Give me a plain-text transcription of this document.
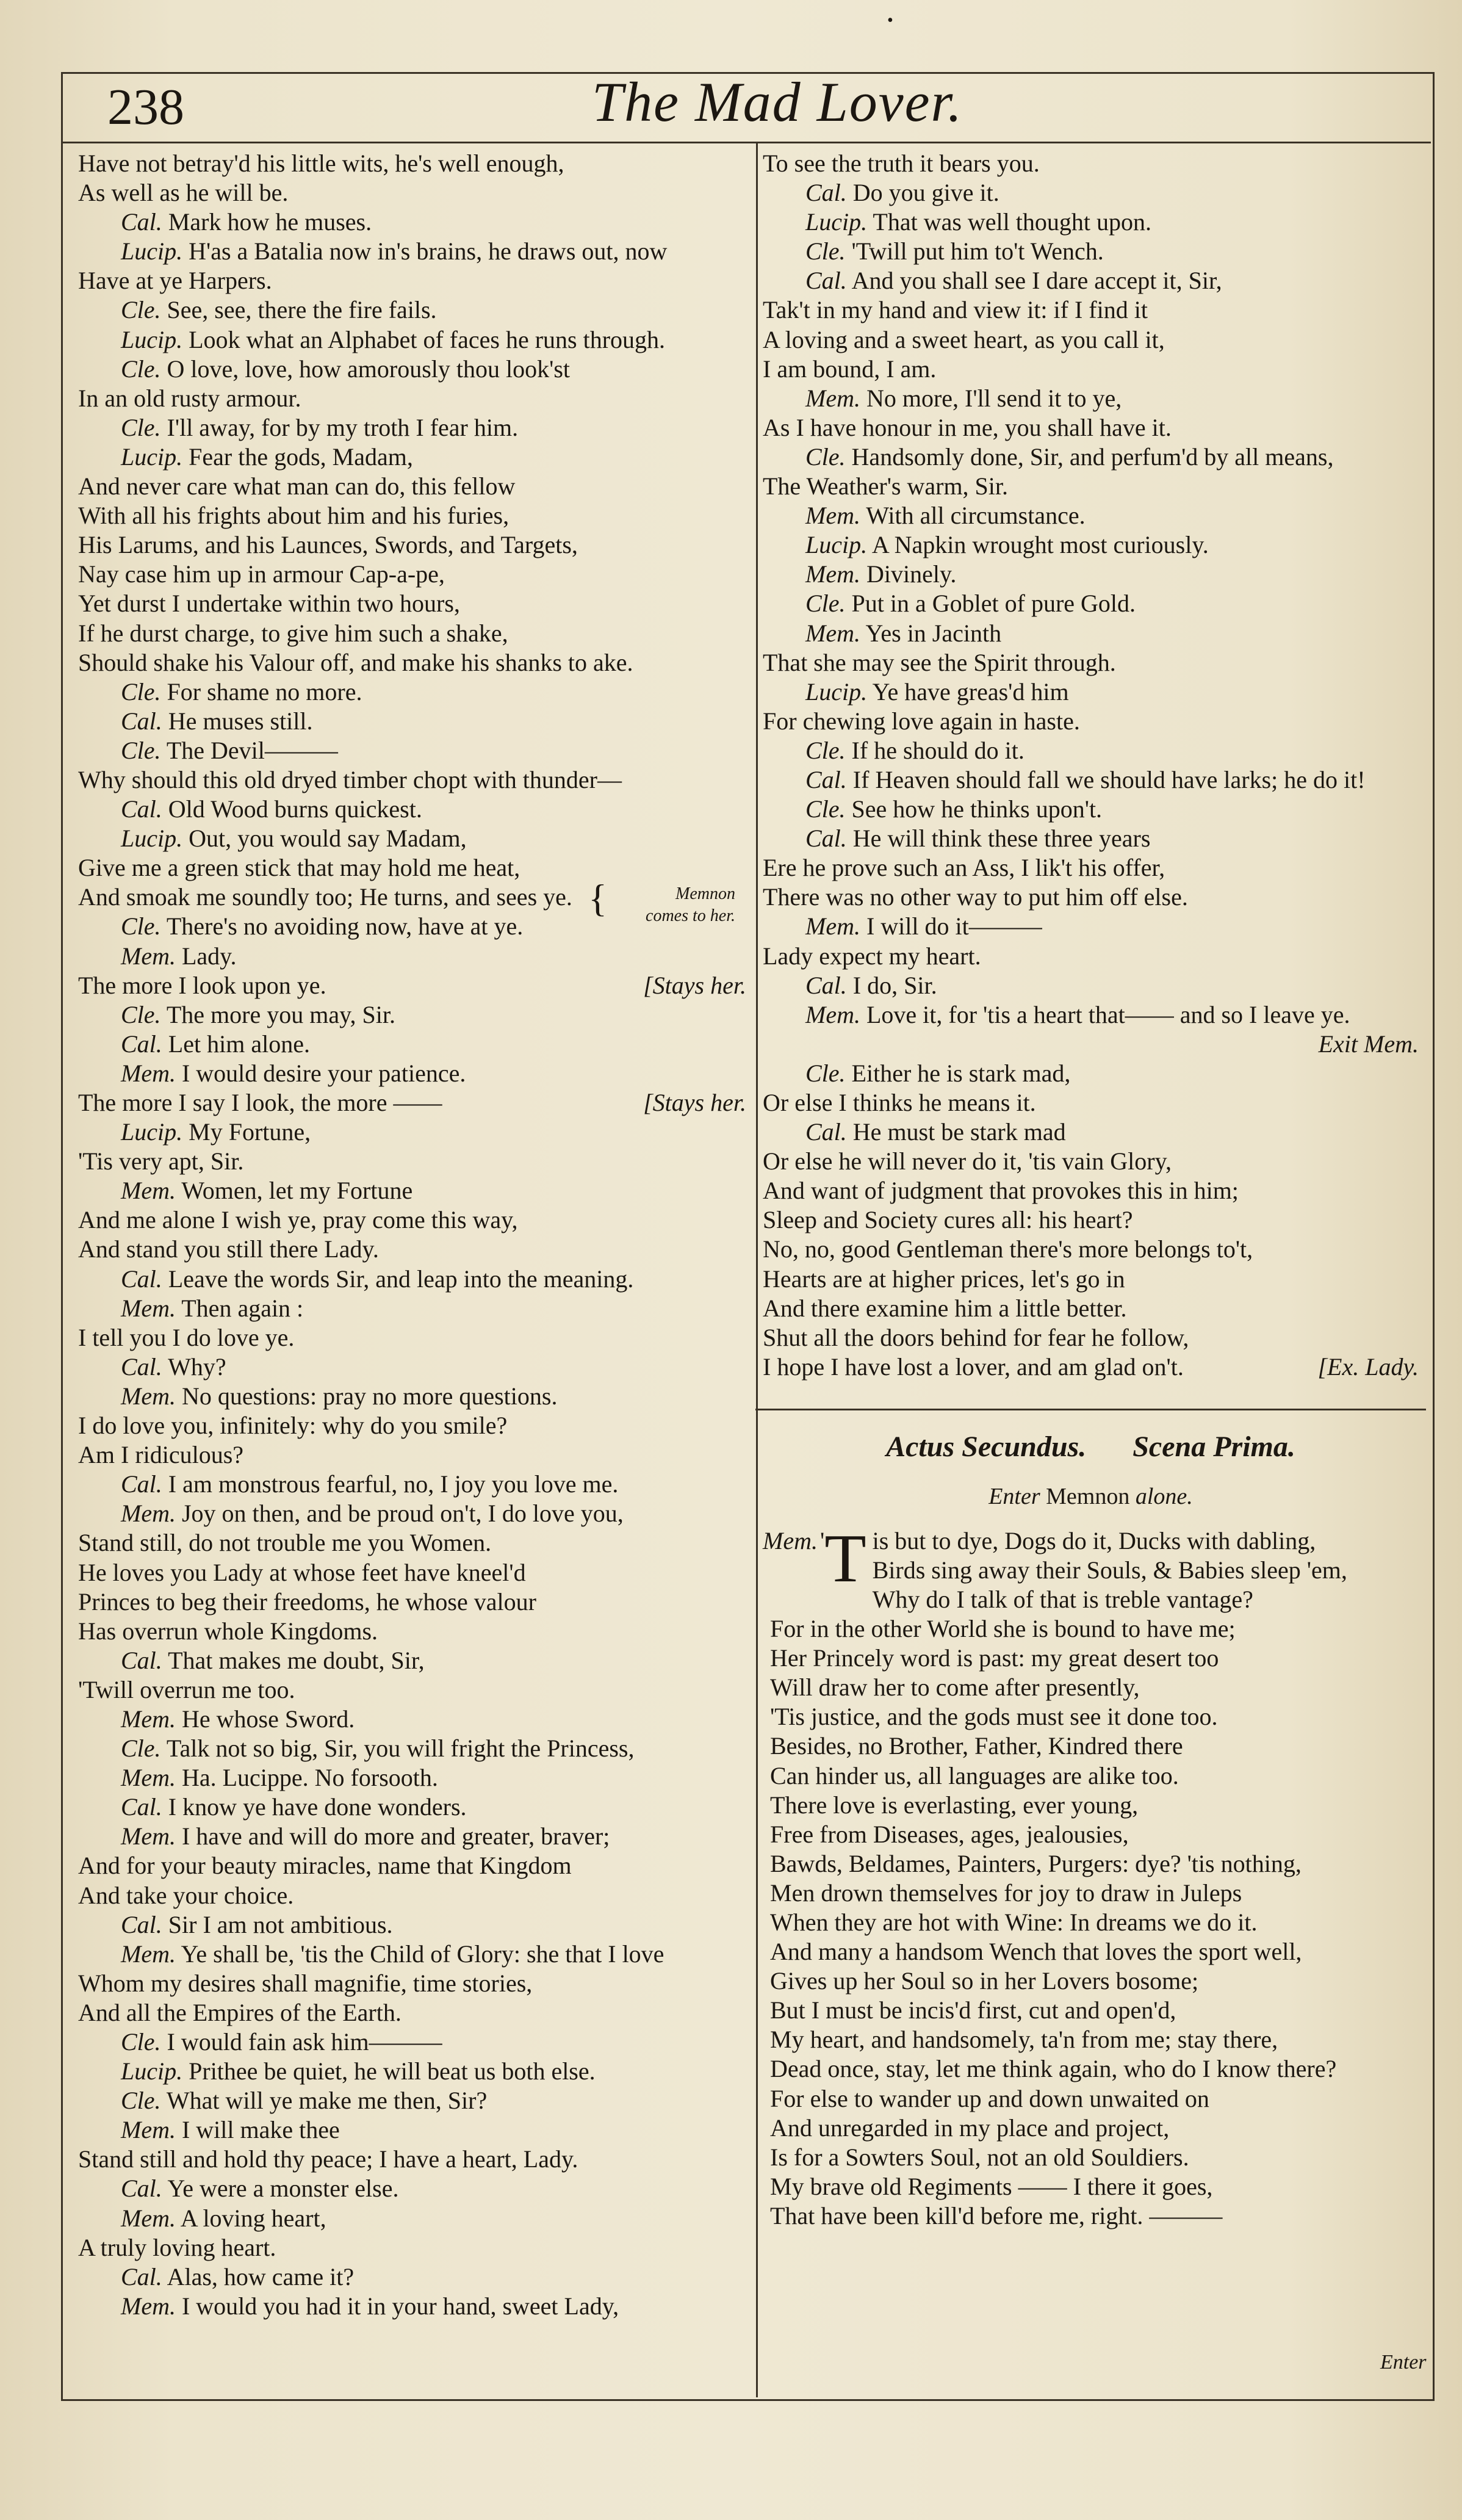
•
238	The Mad Lover.
Have not betray'd his little wits, he's well enough,
As well as he will be.
Cal. Mark how he muses.
Lucip. H'as a Batalia now in's brains, he draws out, now
Have at ye Harpers.
Cle. See, see, there the fire fails.
Lucip. Look what an Alphabet of faces he runs through.
Cle. O love, love, how amorously thou look'st
In an old rusty armour.
Cle. I'll away, for by my troth I fear him.
Lucip. Fear the gods, Madam,
And never care what man can do, this fellow
With all his frights about him and his furies,
His Larums, and his Launces, Swords, and Targets,
Nay case him up in armour Cap-a-pe,
Yet durst I undertake within two hours,
If he durst charge, to give him such a shake,
Should shake his Valour off, and make his shanks to ake.
Cle. For shame no more.
Cal. He muses still.
Cle. The Devil———
Why should this old dryed timber chopt with thunder—
Cal. Old Wood burns quickest.
Lucip. Out, you would say Madam,
Give me a green stick that may hold me heat,
And smoak me soundly too; He turns, and sees ye. {	Memnon
comes to her.
Cle. There's no avoiding now, have at ye.
Mem. Lady.
The more I look upon ye.	[Stays her.
Cle. The more you may, Sir.
Cal. Let him alone.
Mem. I would desire your patience.
The more I say I look, the more ——	[Stays her.
Lucip. My Fortune,
'Tis very apt, Sir.
Mem. Women, let my Fortune
And me alone I wish ye, pray come this way,
And stand you still there Lady.
Cal. Leave the words Sir, and leap into the meaning.
Mem. Then again :
I tell you I do love ye.
Cal. Why?
Mem. No questions: pray no more questions.
I do love you, infinitely: why do you smile?
Am I ridiculous?
Cal. I am monstrous fearful, no, I joy you love me.
Mem. Joy on then, and be proud on't, I do love you,
Stand still, do not trouble me you Women.
He loves you Lady at whose feet have kneel'd
Princes to beg their freedoms, he whose valour
Has overrun whole Kingdoms.
Cal. That makes me doubt, Sir,
'Twill overrun me too.
Mem. He whose Sword.
Cle. Talk not so big, Sir, you will fright the Princess,
Mem. Ha. Lucippe. No forsooth.
Cal. I know ye have done wonders.
Mem. I have and will do more and greater, braver;
And for your beauty miracles, name that Kingdom
And take your choice.
Cal. Sir I am not ambitious.
Mem. Ye shall be, 'tis the Child of Glory: she that I love
Whom my desires shall magnifie, time stories,
And all the Empires of the Earth.
Cle. I would fain ask him———
Lucip. Prithee be quiet, he will beat us both else.
Cle. What will ye make me then, Sir?
Mem. I will make thee
Stand still and hold thy peace; I have a heart, Lady.
Cal. Ye were a monster else.
Mem. A loving heart,
A truly loving heart.
Cal. Alas, how came it?
Mem. I would you had it in your hand, sweet Lady,
To see the truth it bears you.
Cal. Do you give it.
Lucip. That was well thought upon.
Cle. 'Twill put him to't Wench.
Cal. And you shall see I dare accept it, Sir,
Tak't in my hand and view it: if I find it
A loving and a sweet heart, as you call it,
I am bound, I am.
Mem. No more, I'll send it to ye,
As I have honour in me, you shall have it.
Cle. Handsomly done, Sir, and perfum'd by all means,
The Weather's warm, Sir.
Mem. With all circumstance.
Lucip. A Napkin wrought most curiously.
Mem. Divinely.
Cle. Put in a Goblet of pure Gold.
Mem. Yes in Jacinth
That she may see the Spirit through.
Lucip. Ye have greas'd him
For chewing love again in haste.
Cle. If he should do it.
Cal. If Heaven should fall we should have larks; he do it!
Cle. See how he thinks upon't.
Cal. He will think these three years
Ere he prove such an Ass, I lik't his offer,
There was no other way to put him off else.
Mem. I will do it———
Lady expect my heart.
Cal. I do, Sir.
Mem. Love it, for 'tis a heart that—— and so I leave ye.
Exit Mem.
Cle. Either he is stark mad,
Or else I thinks he means it.
Cal. He must be stark mad
Or else he will never do it, 'tis vain Glory,
And want of judgment that provokes this in him;
Sleep and Society cures all: his heart?
No, no, good Gentleman there's more belongs to't,
Hearts are at higher prices, let's go in
And there examine him a little better.
Shut all the doors behind for fear he follow,
I hope I have lost a lover, and am glad on't.	[Ex. Lady.
Actus Secundus. Scena Prima.
Enter Memnon alone.
Mem. ' T is but to dye, Dogs do it, Ducks with dabling,
Birds sing away their Souls, & Babies sleep 'em,
Why do I talk of that is treble vantage?
For in the other World she is bound to have me;
Her Princely word is past: my great desert too
Will draw her to come after presently,
'Tis justice, and the gods must see it done too.
Besides, no Brother, Father, Kindred there
Can hinder us, all languages are alike too.
There love is everlasting, ever young,
Free from Diseases, ages, jealousies,
Bawds, Beldames, Painters, Purgers: dye? 'tis nothing,
Men drown themselves for joy to draw in Juleps
When they are hot with Wine: In dreams we do it.
And many a handsom Wench that loves the sport well,
Gives up her Soul so in her Lovers bosome;
But I must be incis'd first, cut and open'd,
My heart, and handsomely, ta'n from me; stay there,
Dead once, stay, let me think again, who do I know there?
For else to wander up and down unwaited on
And unregarded in my place and project,
Is for a Sowters Soul, not an old Souldiers.
My brave old Regiments —— I there it goes,
That have been kill'd before me, right. ———
Enter
